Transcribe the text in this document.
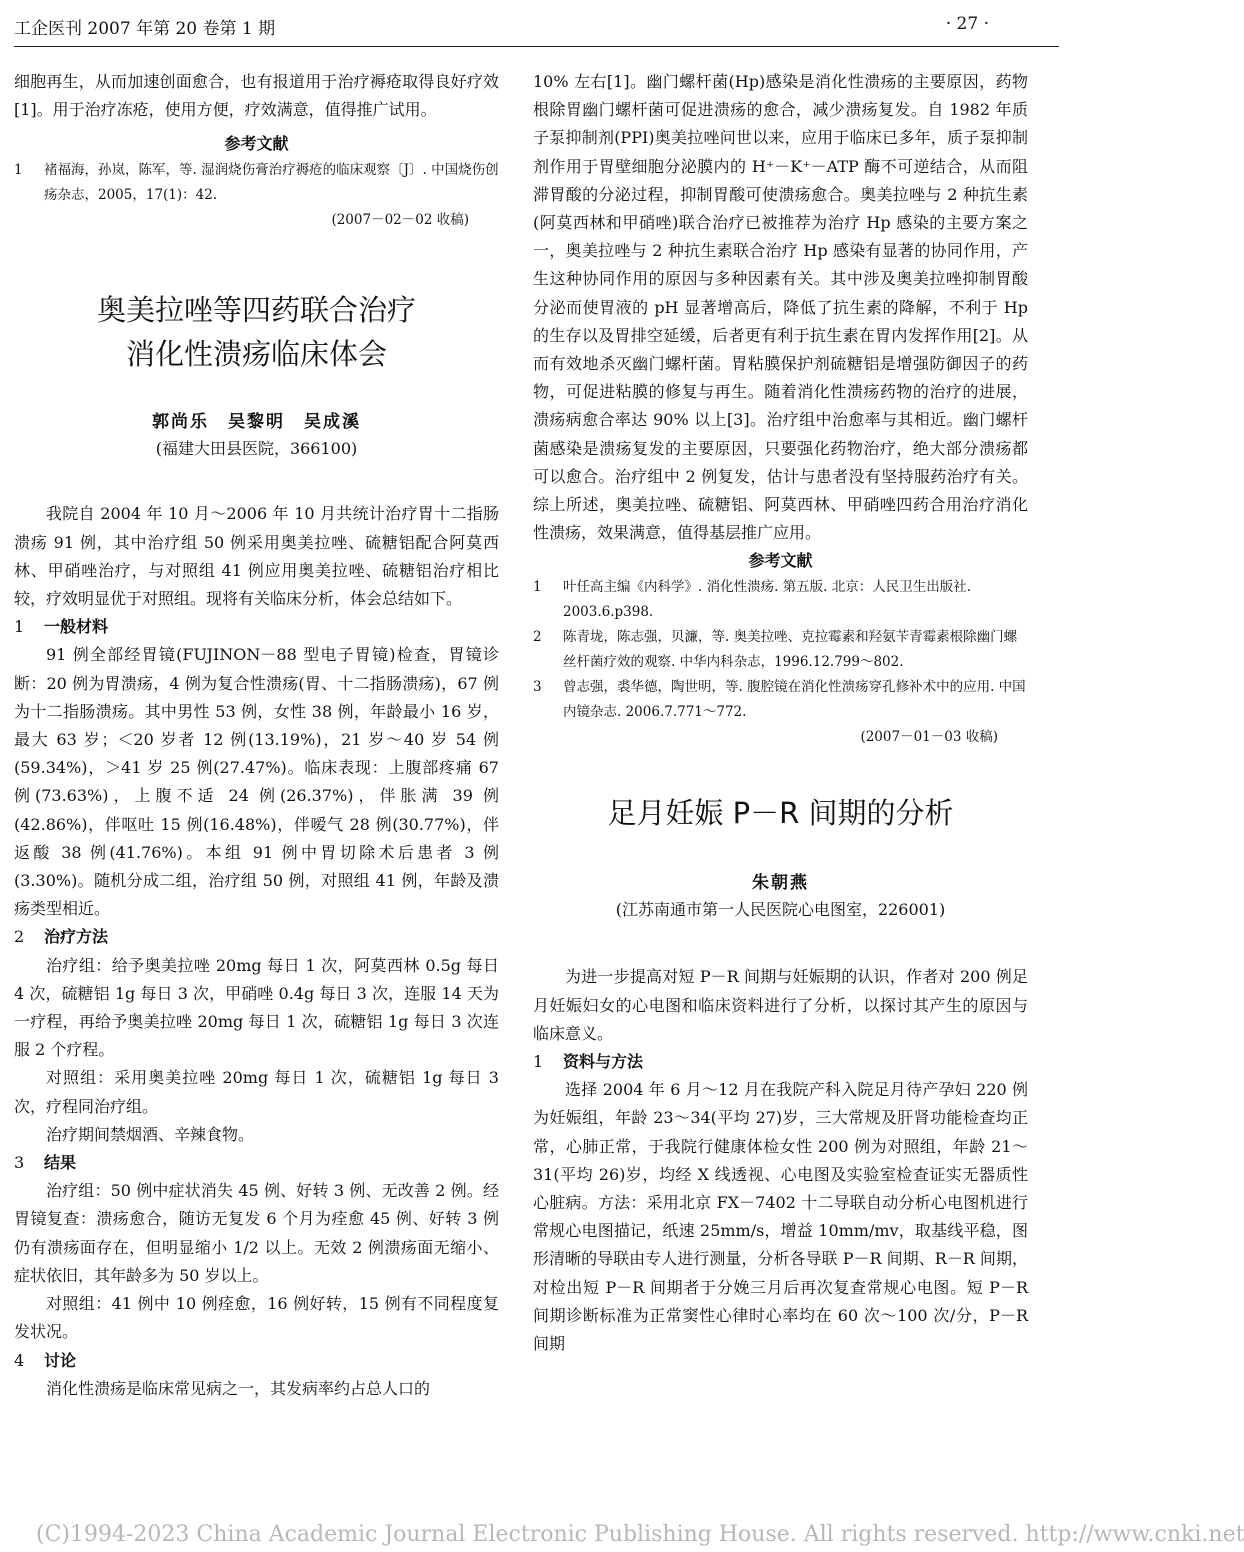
工企医刊 2007 年第 20 卷第 1 期	· 27 ·

细胞再生，从而加速创面愈合，也有报道用于治疗褥疮取得良好疗效[1]。用于治疗冻疮，使用方便，疗效满意，值得推广试用。

参考文献
1	褚福海，孙岚，陈军，等. 湿润烧伤膏治疗褥疮的临床观察〔J〕. 中国烧伤创疡杂志，2005，17(1)：42.
(2007－02－02 收稿)
奥美拉唑等四药联合治疗
消化性溃疡临床体会
郭尚乐　吴黎明　吴成溪
(福建大田县医院，366100)

我院自 2004 年 10 月～2006 年 10 月共统计治疗胃十二指肠溃疡 91 例，其中治疗组 50 例采用奥美拉唑、硫糖铝配合阿莫西林、甲硝唑治疗，与对照组 41 例应用奥美拉唑、硫糖铝治疗相比较，疗效明显优于对照组。现将有关临床分析，体会总结如下。

1 一般材料

91 例全部经胃镜(FUJINON－88 型电子胃镜)检查，胃镜诊断：20 例为胃溃疡，4 例为复合性溃疡(胃、十二指肠溃疡)，67 例为十二指肠溃疡。其中男性 53 例，女性 38 例，年龄最小 16 岁，最大 63 岁；＜20 岁者 12 例(13.19%)，21 岁～40 岁 54 例(59.34%)，＞41 岁 25 例(27.47%)。临床表现：上腹部疼痛 67 例(73.63%)，上腹不适 24 例(26.37%)，伴胀满 39 例(42.86%)，伴呕吐 15 例(16.48%)，伴嗳气 28 例(30.77%)，伴返酸 38 例(41.76%)。本组 91 例中胃切除术后患者 3 例(3.30%)。随机分成二组，治疗组 50 例，对照组 41 例，年龄及溃疡类型相近。

2 治疗方法

治疗组：给予奥美拉唑 20mg 每日 1 次，阿莫西林 0.5g 每日 4 次，硫糖铝 1g 每日 3 次，甲硝唑 0.4g 每日 3 次，连服 14 天为一疗程，再给予奥美拉唑 20mg 每日 1 次，硫糖铝 1g 每日 3 次连服 2 个疗程。

对照组：采用奥美拉唑 20mg 每日 1 次，硫糖铝 1g 每日 3 次，疗程同治疗组。

治疗期间禁烟酒、辛辣食物。

3 结果

治疗组：50 例中症状消失 45 例、好转 3 例、无改善 2 例。经胃镜复查：溃疡愈合，随访无复发 6 个月为痊愈 45 例、好转 3 例仍有溃疡面存在，但明显缩小 1/2 以上。无效 2 例溃疡面无缩小、症状依旧，其年龄多为 50 岁以上。

对照组：41 例中 10 例痊愈，16 例好转，15 例有不同程度复发状况。

4 讨论

消化性溃疡是临床常见病之一，其发病率约占总人口的

10% 左右[1]。幽门螺杆菌(Hp)感染是消化性溃疡的主要原因，药物根除胃幽门螺杆菌可促进溃疡的愈合，减少溃疡复发。自 1982 年质子泵抑制剂(PPI)奥美拉唑问世以来，应用于临床已多年，质子泵抑制剂作用于胃壁细胞分泌膜内的 H⁺－K⁺－ATP 酶不可逆结合，从而阻滞胃酸的分泌过程，抑制胃酸可使溃疡愈合。奥美拉唑与 2 种抗生素(阿莫西林和甲硝唑)联合治疗已被推荐为治疗 Hp 感染的主要方案之一，奥美拉唑与 2 种抗生素联合治疗 Hp 感染有显著的协同作用，产生这种协同作用的原因与多种因素有关。其中涉及奥美拉唑抑制胃酸分泌而使胃液的 pH 显著增高后，降低了抗生素的降解，不利于 Hp 的生存以及胃排空延缓，后者更有利于抗生素在胃内发挥作用[2]。从而有效地杀灭幽门螺杆菌。胃粘膜保护剂硫糖铝是增强防御因子的药物，可促进粘膜的修复与再生。随着消化性溃疡药物的治疗的进展，溃疡病愈合率达 90% 以上[3]。治疗组中治愈率与其相近。幽门螺杆菌感染是溃疡复发的主要原因，只要强化药物治疗，绝大部分溃疡都可以愈合。治疗组中 2 例复发，估计与患者没有坚持服药治疗有关。综上所述，奥美拉唑、硫糖铝、阿莫西林、甲硝唑四药合用治疗消化性溃疡，效果满意，值得基层推广应用。

参考文献
1	叶任高主编《内科学》. 消化性溃疡. 第五版. 北京：人民卫生出版社. 2003.6.p398.
2	陈青垅，陈志强，贝濂，等. 奥美拉唑、克拉霉素和羟氨苄青霉素根除幽门螺丝杆菌疗效的观察. 中华内科杂志，1996.12.799～802.
3	曾志强，裘华德，陶世明，等. 腹腔镜在消化性溃疡穿孔修补术中的应用. 中国内镜杂志. 2006.7.771～772.
(2007－01－03 收稿)
足月妊娠 P－R 间期的分析
朱朝燕
(江苏南通市第一人民医院心电图室，226001)

为进一步提高对短 P－R 间期与妊娠期的认识，作者对 200 例足月妊娠妇女的心电图和临床资料进行了分析，以探讨其产生的原因与临床意义。

1 资料与方法

选择 2004 年 6 月～12 月在我院产科入院足月待产孕妇 220 例为妊娠组，年龄 23～34(平均 27)岁，三大常规及肝肾功能检查均正常，心肺正常，于我院行健康体检女性 200 例为对照组，年龄 21～31(平均 26)岁，均经 X 线透视、心电图及实验室检查证实无器质性心脏病。方法：采用北京 FX－7402 十二导联自动分析心电图机进行常规心电图描记，纸速 25mm/s，增益 10mm/mv，取基线平稳，图形清晰的导联由专人进行测量，分析各导联 P－R 间期、R－R 间期，对检出短 P－R 间期者于分娩三月后再次复查常规心电图。短 P－R 间期诊断标准为正常窦性心律时心率均在 60 次～100 次/分，P－R 间期

(C)1994-2023 China Academic Journal Electronic Publishing House. All rights reserved. http://www.cnki.net
